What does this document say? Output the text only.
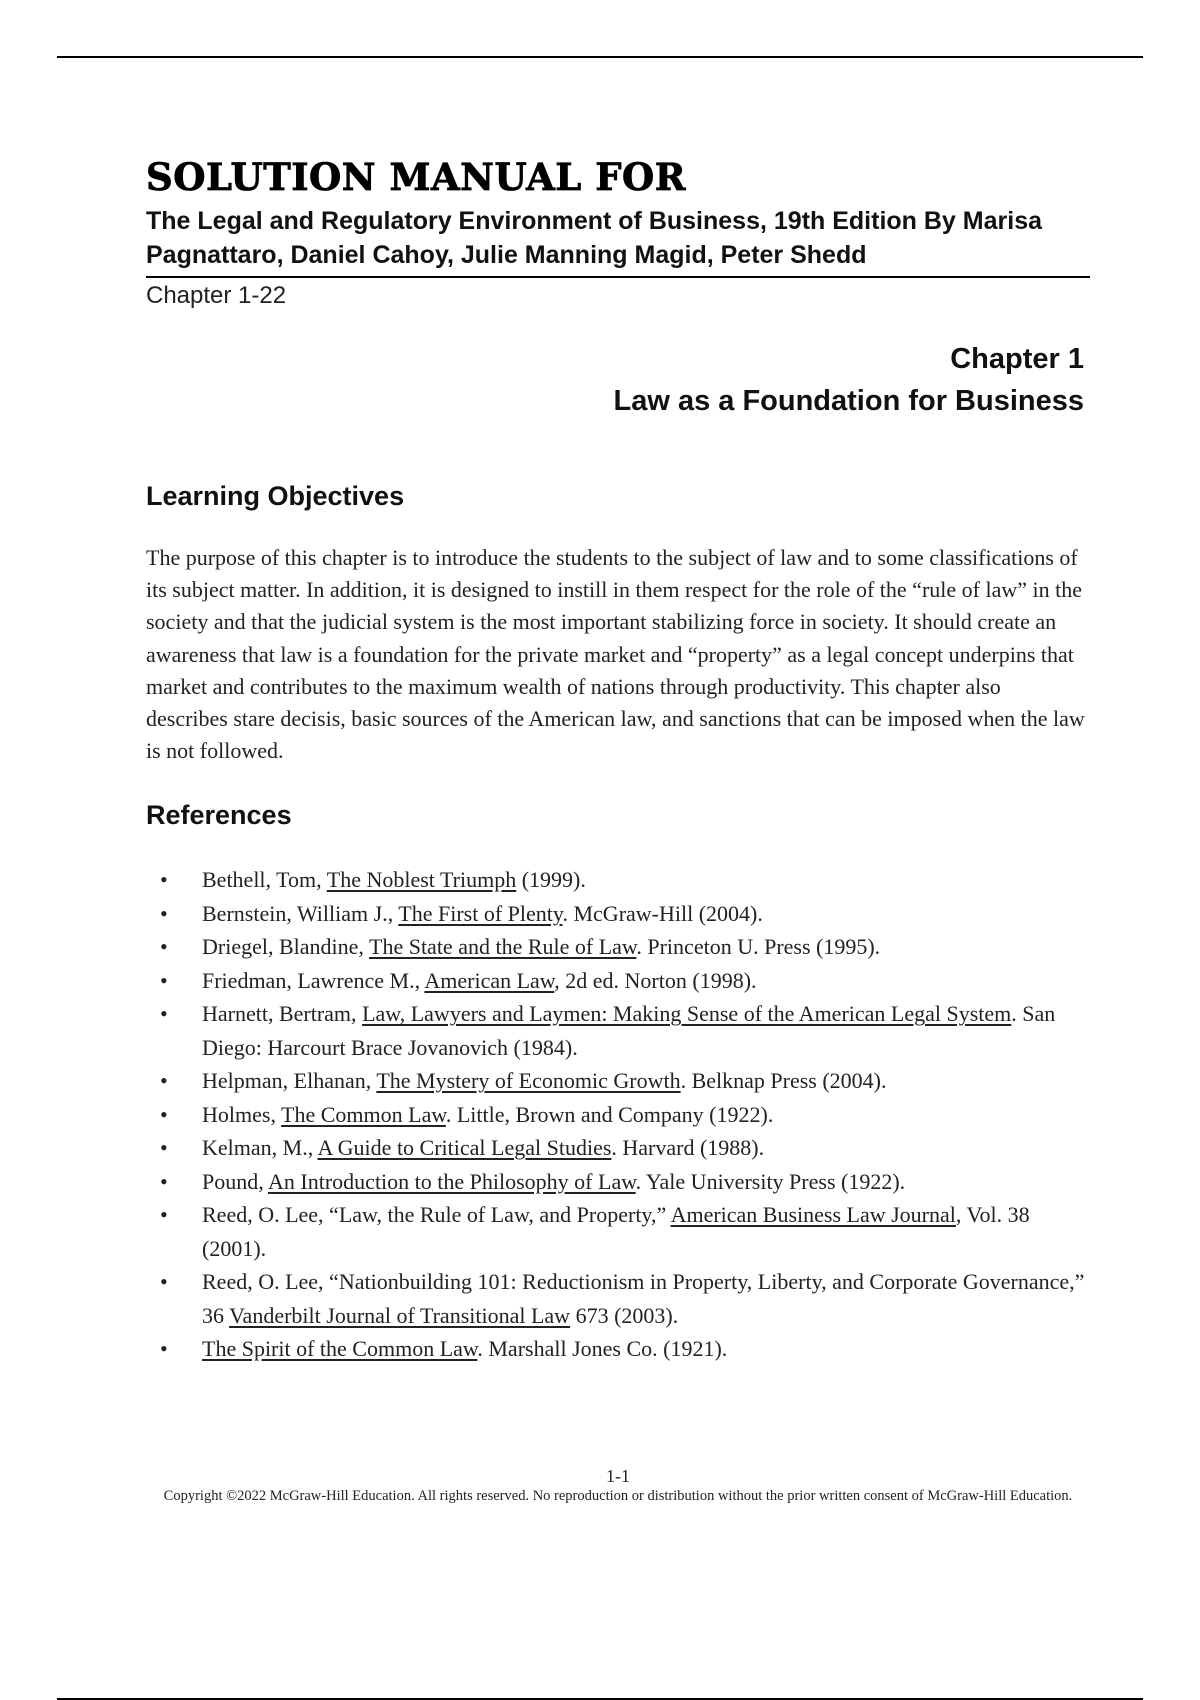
SOLUTION MANUAL FOR

The Legal and Regulatory Environment of Business, 19th Edition By Marisa Pagnattaro, Daniel Cahoy, Julie Manning Magid, Peter Shedd

Chapter 1-22

Chapter 1
Law as a Foundation for Business
Learning Objectives

The purpose of this chapter is to introduce the students to the subject of law and to some classifications of its subject matter. In addition, it is designed to instill in them respect for the role of the “rule of law” in the society and that the judicial system is the most important stabilizing force in society. It should create an awareness that law is a foundation for the private market and “property” as a legal concept underpins that market and contributes to the maximum wealth of nations through productivity. This chapter also describes stare decisis, basic sources of the American law, and sanctions that can be imposed when the law is not followed.

References
• Bethell, Tom, The Noblest Triumph (1999).
• Bernstein, William J., The First of Plenty. McGraw-Hill (2004).
• Driegel, Blandine, The State and the Rule of Law. Princeton U. Press (1995).
• Friedman, Lawrence M., American Law, 2d ed. Norton (1998).
• Harnett, Bertram, Law, Lawyers and Laymen: Making Sense of the American Legal System. San Diego: Harcourt Brace Jovanovich (1984).
• Helpman, Elhanan, The Mystery of Economic Growth. Belknap Press (2004).
• Holmes, The Common Law. Little, Brown and Company (1922).
• Kelman, M., A Guide to Critical Legal Studies. Harvard (1988).
• Pound, An Introduction to the Philosophy of Law. Yale University Press (1922).
• Reed, O. Lee, “Law, the Rule of Law, and Property,” American Business Law Journal, Vol. 38 (2001).
• Reed, O. Lee, “Nationbuilding 101: Reductionism in Property, Liberty, and Corporate Governance,” 36 Vanderbilt Journal of Transitional Law 673 (2003).
• The Spirit of the Common Law. Marshall Jones Co. (1921).

1-1

Copyright ©2022 McGraw-Hill Education. All rights reserved. No reproduction or distribution without the prior written consent of McGraw-Hill Education.
